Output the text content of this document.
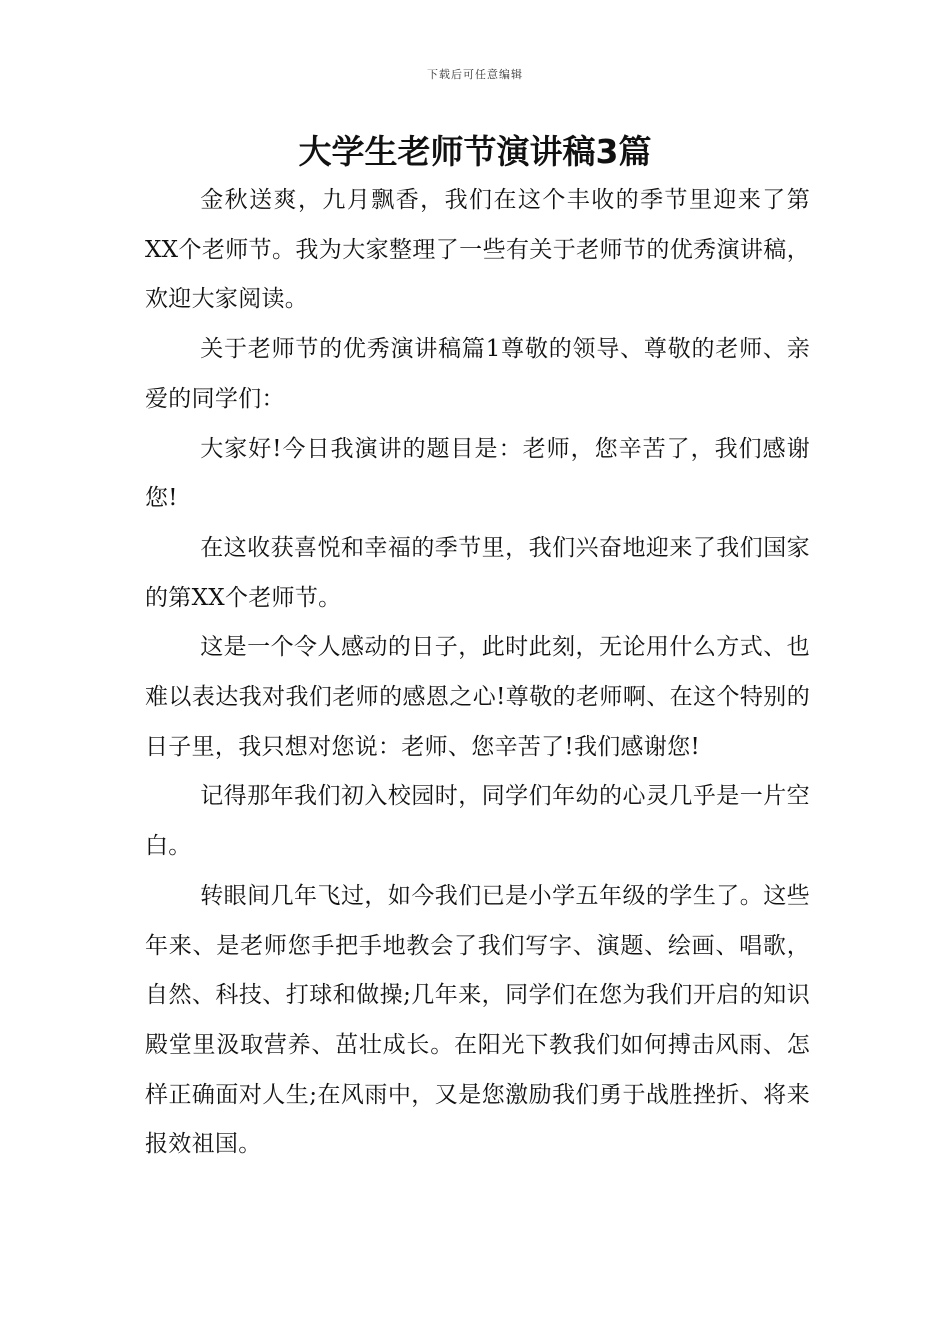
下载后可任意编辑
大学生老师节演讲稿3篇

金秋送爽，九月飘香，我们在这个丰收的季节里迎来了第XX个老师节。我为大家整理了一些有关于老师节的优秀演讲稿，欢迎大家阅读。

关于老师节的优秀演讲稿篇1尊敬的领导、尊敬的老师、亲爱的同学们：

大家好!今日我演讲的题目是：老师，您辛苦了，我们感谢您!

在这收获喜悦和幸福的季节里，我们兴奋地迎来了我们国家的第XX个老师节。

这是一个令人感动的日子，此时此刻，无论用什么方式、也难以表达我对我们老师的感恩之心!尊敬的老师啊、在这个特别的日子里，我只想对您说：老师、您辛苦了!我们感谢您!

记得那年我们初入校园时，同学们年幼的心灵几乎是一片空白。

转眼间几年飞过，如今我们已是小学五年级的学生了。这些年来、是老师您手把手地教会了我们写字、演题、绘画、唱歌，自然、科技、打球和做操;几年来，同学们在您为我们开启的知识殿堂里汲取营养、茁壮成长。在阳光下教我们如何搏击风雨、怎样正确面对人生;在风雨中，又是您激励我们勇于战胜挫折、将来报效祖国。
